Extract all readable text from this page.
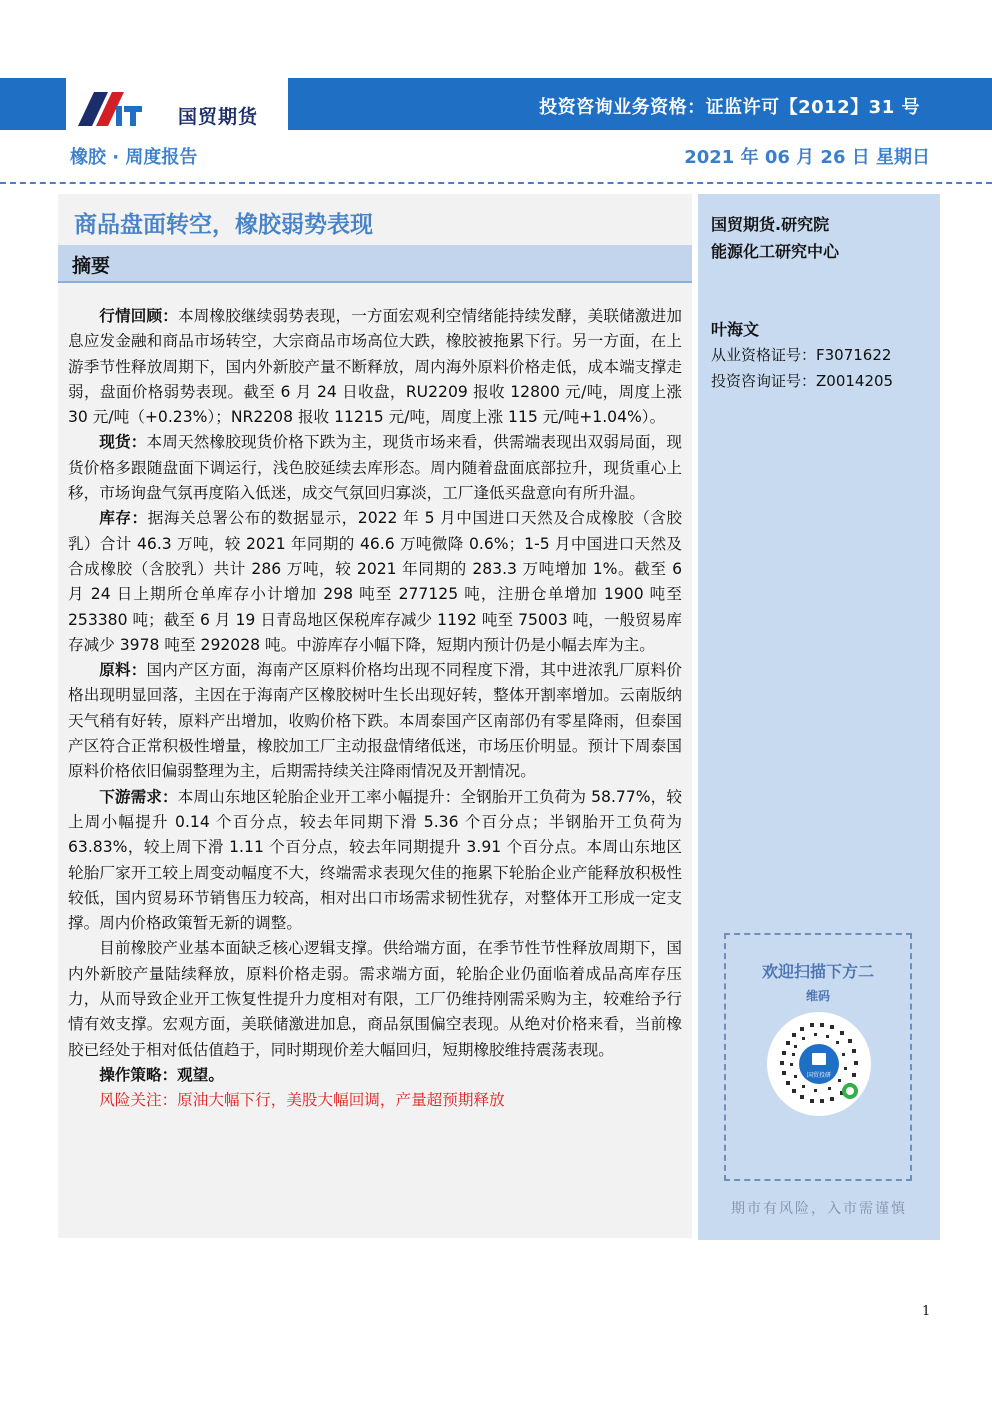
国贸期货	投资咨询业务资格：证监许可【2012】31 号
橡胶 · 周度报告	2021 年 06 月 26 日 星期日
商品盘面转空，橡胶弱势表现
摘要

行情回顾：本周橡胶继续弱势表现，一方面宏观利空情绪能持续发酵，美联储激进加息应发金融和商品市场转空，大宗商品市场高位大跌，橡胶被拖累下行。另一方面，在上游季节性释放周期下，国内外新胶产量不断释放，周内海外原料价格走低，成本端支撑走弱，盘面价格弱势表现。截至 6 月 24 日收盘，RU2209 报收 12800 元/吨，周度上涨 30 元/吨（+0.23%）；NR2208 报收 11215 元/吨，周度上涨 115 元/吨+1.04%）。

现货：本周天然橡胶现货价格下跌为主，现货市场来看，供需端表现出双弱局面，现货价格多跟随盘面下调运行，浅色胶延续去库形态。周内随着盘面底部拉升，现货重心上移，市场询盘气氛再度陷入低迷，成交气氛回归寡淡，工厂逢低买盘意向有所升温。

库存：据海关总署公布的数据显示，2022 年 5 月中国进口天然及合成橡胶（含胶乳）合计 46.3 万吨，较 2021 年同期的 46.6 万吨微降 0.6%；1-5 月中国进口天然及合成橡胶（含胶乳）共计 286 万吨，较 2021 年同期的 283.3 万吨增加 1%。截至 6 月 24 日上期所仓单库存小计增加 298 吨至 277125 吨，注册仓单增加 1900 吨至 253380 吨；截至 6 月 19 日青岛地区保税库存减少 1192 吨至 75003 吨，一般贸易库存减少 3978 吨至 292028 吨。中游库存小幅下降，短期内预计仍是小幅去库为主。

原料：国内产区方面，海南产区原料价格均出现不同程度下滑，其中进浓乳厂原料价格出现明显回落，主因在于海南产区橡胶树叶生长出现好转，整体开割率增加。云南版纳天气稍有好转，原料产出增加，收购价格下跌。本周泰国产区南部仍有零星降雨，但泰国产区符合正常积极性增量，橡胶加工厂主动报盘情绪低迷，市场压价明显。预计下周泰国原料价格依旧偏弱整理为主，后期需持续关注降雨情况及开割情况。

下游需求：本周山东地区轮胎企业开工率小幅提升：全钢胎开工负荷为 58.77%，较上周小幅提升 0.14 个百分点，较去年同期下滑 5.36 个百分点；半钢胎开工负荷为 63.83%，较上周下滑 1.11 个百分点，较去年同期提升 3.91 个百分点。本周山东地区轮胎厂家开工较上周变动幅度不大，终端需求表现欠佳的拖累下轮胎企业产能释放积极性较低，国内贸易环节销售压力较高，相对出口市场需求韧性犹存，对整体开工形成一定支撑。周内价格政策暂无新的调整。

目前橡胶产业基本面缺乏核心逻辑支撑。供给端方面，在季节性节性释放周期下，国内外新胶产量陆续释放，原料价格走弱。需求端方面，轮胎企业仍面临着成品高库存压力，从而导致企业开工恢复性提升力度相对有限，工厂仍维持刚需采购为主，较难给予行情有效支撑。宏观方面，美联储激进加息，商品氛围偏空表现。从绝对价格来看，当前橡胶已经处于相对低估值趋于，同时期现价差大幅回归，短期橡胶维持震荡表现。

操作策略：观望。

风险关注：原油大幅下行，美股大幅回调，产量超预期释放

国贸期货.研究院
能源化工研究中心
叶海文
从业资格证号：F3071622
投资咨询证号：Z0014205
欢迎扫描下方二
维码
国贸投研
期市有风险，入市需谨慎
1
